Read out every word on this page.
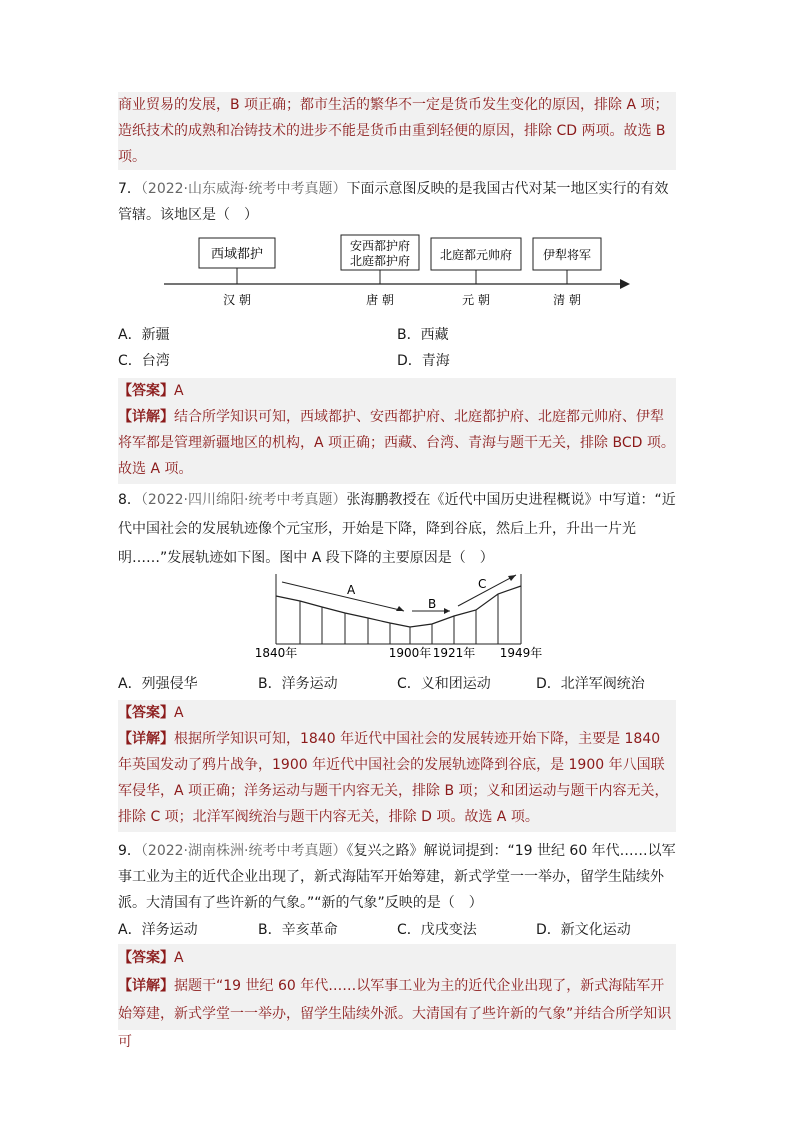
商业贸易的发展，B 项正确；都市生活的繁华不一定是货币发生变化的原因，排除 A 项；造纸技术的成熟和冶铸技术的进步不能是货币由重到轻便的原因，排除 CD 两项。故选 B 项。
7．（2022·山东威海·统考中考真题）下面示意图反映的是我国古代对某一地区实行的有效管辖。该地区是（　）
西域都护
安西都护府
北庭都护府 北庭都元帅府	伊犁将军
汉 朝	唐 朝	元 朝	清 朝
A．新疆	B．西藏
C．台湾	D．青海
【答案】A
【详解】结合所学知识可知，西域都护、安西都护府、北庭都护府、北庭都元帅府、伊犁将军都是管理新疆地区的机构，A 项正确；西藏、台湾、青海与题干无关，排除 BCD 项。故选 A 项。
8．（2022·四川绵阳·统考中考真题）张海鹏教授在《近代中国历史进程概说》中写道：“近代中国社会的发展轨迹像个元宝形，开始是下降，降到谷底，然后上升，升出一片光明……”发展轨迹如下图。图中 A 段下降的主要原因是（　）
A
B
C
1840年	1900年 1921年 1949年
A．列强侵华	B．洋务运动	C．义和团运动	D．北洋军阀统治
【答案】A
【详解】根据所学知识可知，1840 年近代中国社会的发展转迹开始下降，主要是 1840 年英国发动了鸦片战争，1900 年近代中国社会的发展轨迹降到谷底，是 1900 年八国联军侵华，A 项正确；洋务运动与题干内容无关，排除 B 项；义和团运动与题干内容无关，排除 C 项；北洋军阀统治与题干内容无关，排除 D 项。故选 A 项。
9．（2022·湖南株洲·统考中考真题）《复兴之路》解说词提到：“19 世纪 60 年代……以军事工业为主的近代企业出现了，新式海陆军开始筹建，新式学堂一一举办，留学生陆续外派。大清国有了些许新的气象。”“新的气象”反映的是（　）
A．洋务运动	B．辛亥革命	C．戊戌变法	D．新文化运动
【答案】A
【详解】据题干“19 世纪 60 年代……以军事工业为主的近代企业出现了，新式海陆军开始筹建，新式学堂一一举办，留学生陆续外派。大清国有了些许新的气象”并结合所学知识可
